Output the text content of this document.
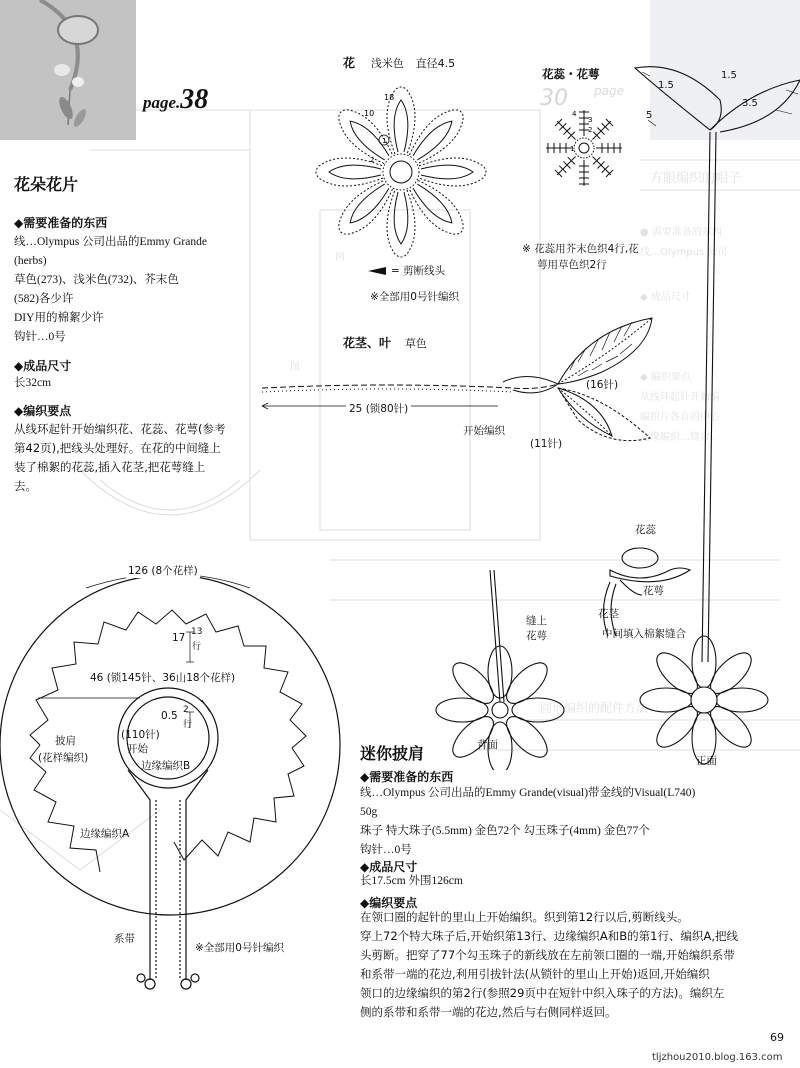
网
图
方眼编织的帽子
圆形编织的配件方法
● 需要准备的东西
线…Olympus 公司
◆ 成品尺寸
◆ 编织要点
从线环起针开始编
编织片各自的中心
边缘编织…缝合。
30 page
page.38
花朵花片
◆需要准备的东西
线…Olympus 公司出品的Emmy Grande
(herbs)
草色(273)、浅米色(732)、芥末色
(582)各少许
DIY用的棉絮少许
钩针…0号
◆成品尺寸
长32cm
◆编织要点
从线环起针开始编织花、花蕊、花萼(参考
第42页),把线头处理好。在花的中间缝上
装了棉絮的花蕊,插入花茎,把花萼缝上
去。
花 浅米色 直径4.5
18
10
1
2
= 剪断线头
※全部用0号针编织
花蕊・花萼
4
3
2
1
※ 花蕊用芥末色织4行,花
萼用草色织2行
花茎、叶 草色
25 (锁80针)
开始编织
(16针)
(11针)
1.5
1.5
5
3.5
花蕊
花萼
花茎
中间填入棉絮缝合
缝上
花萼
背面
正面
126 (8个花样)
17 13
行
46 (锁145针、36山18个花样)
0.5 2
行
(110针)
开始
边缘编织B
披肩
(花样编织)
边缘编织A
系带
※全部用0号针编织
迷你披肩
◆需要准备的东西
线…Olympus 公司出品的Emmy Grande(visual)带金线的Visual(L740)
50g
珠子 特大珠子(5.5mm) 金色72个 勾玉珠子(4mm) 金色77个
钩针…0号
◆成品尺寸
长17.5cm 外围126cm
◆编织要点
在领口圈的起针的里山上开始编织。织到第12行以后,剪断线头。
穿上72个特大珠子后,开始织第13行、边缘编织A和B的第1行、编织A,把线
头剪断。把穿了77个勾玉珠子的新线放在左前领口圈的一端,开始编织系带
和系带一端的花边,利用引拔针法(从锁针的里山上开始)返回,开始编织
领口的边缘编织的第2行(参照29页中在短针中织入珠子的方法)。编织左
侧的系带和系带一端的花边,然后与右侧同样返回。
69
tljzhou2010.blog.163.com
